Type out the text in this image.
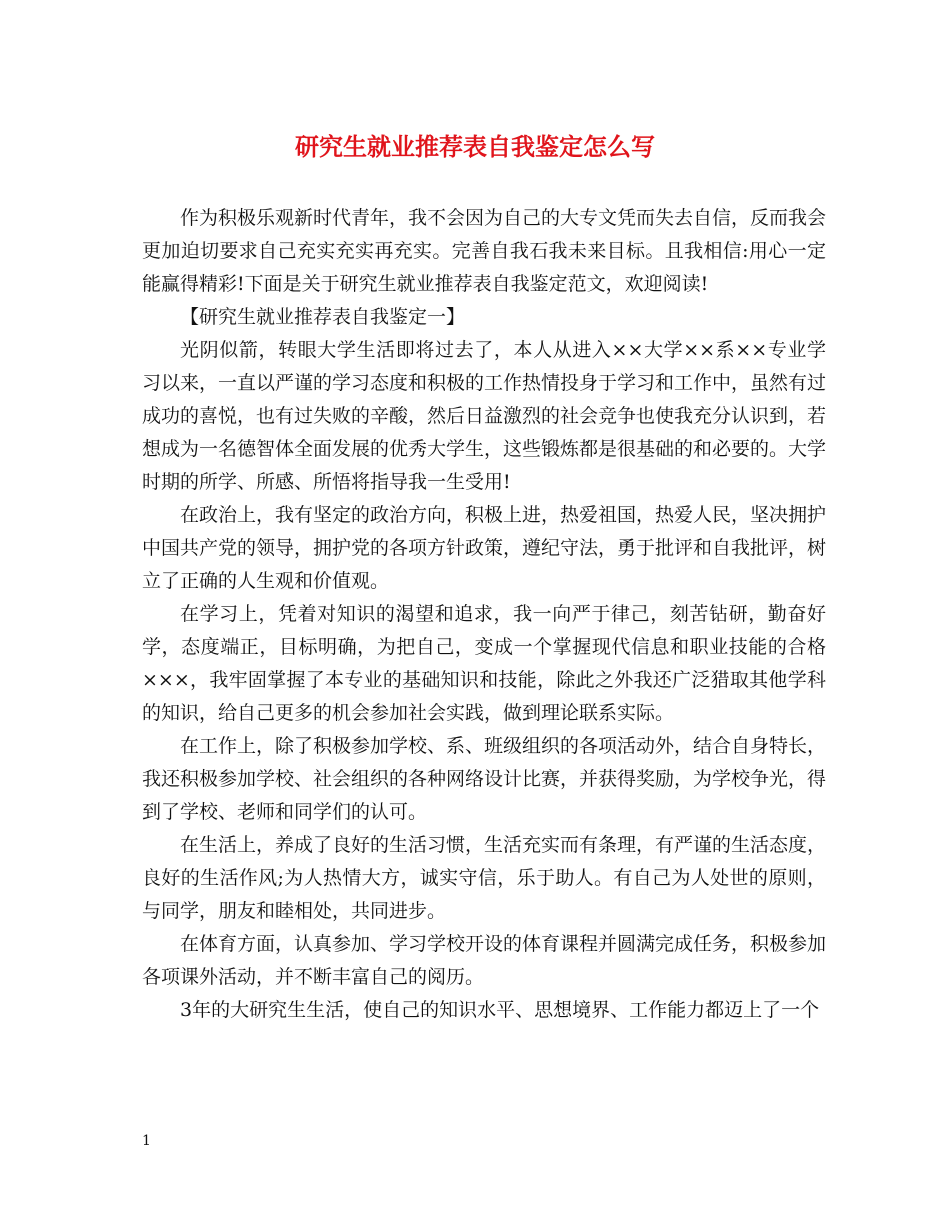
研究生就业推荐表自我鉴定怎么写

作为积极乐观新时代青年，我不会因为自己的大专文凭而失去自信，反而我会更加迫切要求自己充实充实再充实。完善自我石我未来目标。且我相信:用心一定能赢得精彩!下面是关于研究生就业推荐表自我鉴定范文，欢迎阅读!

【研究生就业推荐表自我鉴定一】

光阴似箭，转眼大学生活即将过去了，本人从进入××大学××系××专业学习以来，一直以严谨的学习态度和积极的工作热情投身于学习和工作中，虽然有过成功的喜悦，也有过失败的辛酸，然后日益激烈的社会竞争也使我充分认识到，若想成为一名德智体全面发展的优秀大学生，这些锻炼都是很基础的和必要的。大学时期的所学、所感、所悟将指导我一生受用!

在政治上，我有坚定的政治方向，积极上进，热爱祖国，热爱人民，坚决拥护中国共产党的领导，拥护党的各项方针政策，遵纪守法，勇于批评和自我批评，树立了正确的人生观和价值观。

在学习上，凭着对知识的渴望和追求，我一向严于律己，刻苦钻研，勤奋好学，态度端正，目标明确，为把自己，变成一个掌握现代信息和职业技能的合格×××，我牢固掌握了本专业的基础知识和技能，除此之外我还广泛猎取其他学科的知识，给自己更多的机会参加社会实践，做到理论联系实际。

在工作上，除了积极参加学校、系、班级组织的各项活动外，结合自身特长，我还积极参加学校、社会组织的各种网络设计比赛，并获得奖励，为学校争光，得到了学校、老师和同学们的认可。

在生活上，养成了良好的生活习惯，生活充实而有条理，有严谨的生活态度，良好的生活作风;为人热情大方，诚实守信，乐于助人。有自己为人处世的原则，与同学，朋友和睦相处，共同进步。

在体育方面，认真参加、学习学校开设的体育课程并圆满完成任务，积极参加各项课外活动，并不断丰富自己的阅历。

3年的大研究生生活，使自己的知识水平、思想境界、工作能力都迈上了一个

1
